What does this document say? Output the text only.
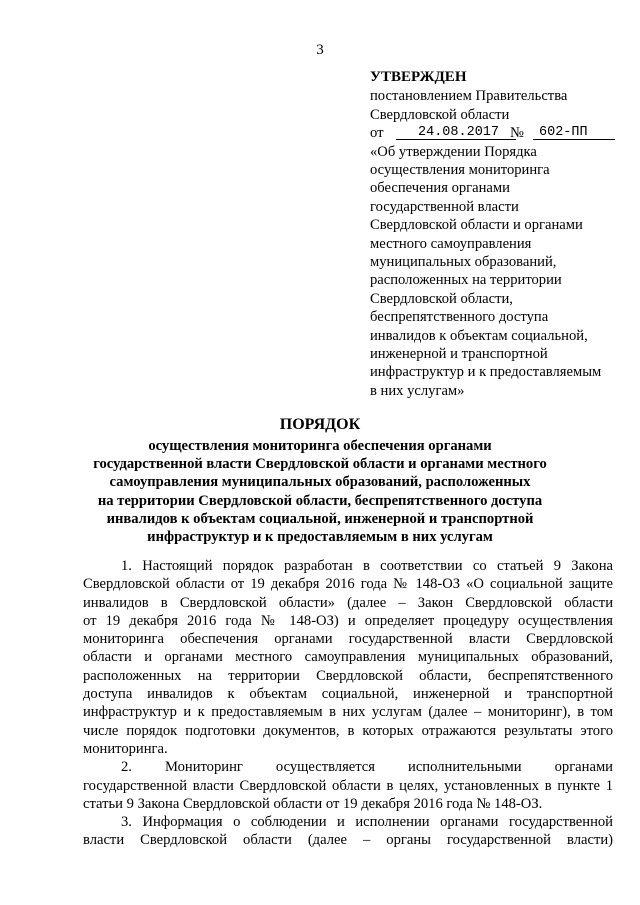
3
УТВЕРЖДЕН
постановлением Правительства
Свердловской области
от	24.08.2017 №	602-ПП
«Об утверждении Порядка
осуществления мониторинга
обеспечения органами
государственной власти
Свердловской области и органами
местного самоуправления
муниципальных образований,
расположенных на территории
Свердловской области,
беспрепятственного доступа
инвалидов к объектам социальной,
инженерной и транспортной
инфраструктур и к предоставляемым
в них услугам»
ПОРЯДОК
осуществления мониторинга обеспечения органами
государственной власти Свердловской области и органами местного
самоуправления муниципальных образований, расположенных
на территории Свердловской области, беспрепятственного доступа
инвалидов к объектам социальной, инженерной и транспортной
инфраструктур и к предоставляемым в них услугам
1. Настоящий порядок разработан в соответствии со статьей 9 Закона
Свердловской области от 19 декабря 2016 года № 148-ОЗ «О социальной защите
инвалидов в Свердловской области» (далее – Закон Свердловской области
от 19 декабря 2016 года № 148-ОЗ) и определяет процедуру осуществления
мониторинга обеспечения органами государственной власти Свердловской
области и органами местного самоуправления муниципальных образований,
расположенных на территории Свердловской области, беспрепятственного
доступа инвалидов к объектам социальной, инженерной и транспортной
инфраструктур и к предоставляемым в них услугам (далее – мониторинг), в том
числе порядок подготовки документов, в которых отражаются результаты этого
мониторинга.
2. Мониторинг осуществляется исполнительными органами
государственной власти Свердловской области в целях, установленных в пункте 1
статьи 9 Закона Свердловской области от 19 декабря 2016 года № 148-ОЗ.
3. Информация о соблюдении и исполнении органами государственной
власти Свердловской области (далее – органы государственной власти)
